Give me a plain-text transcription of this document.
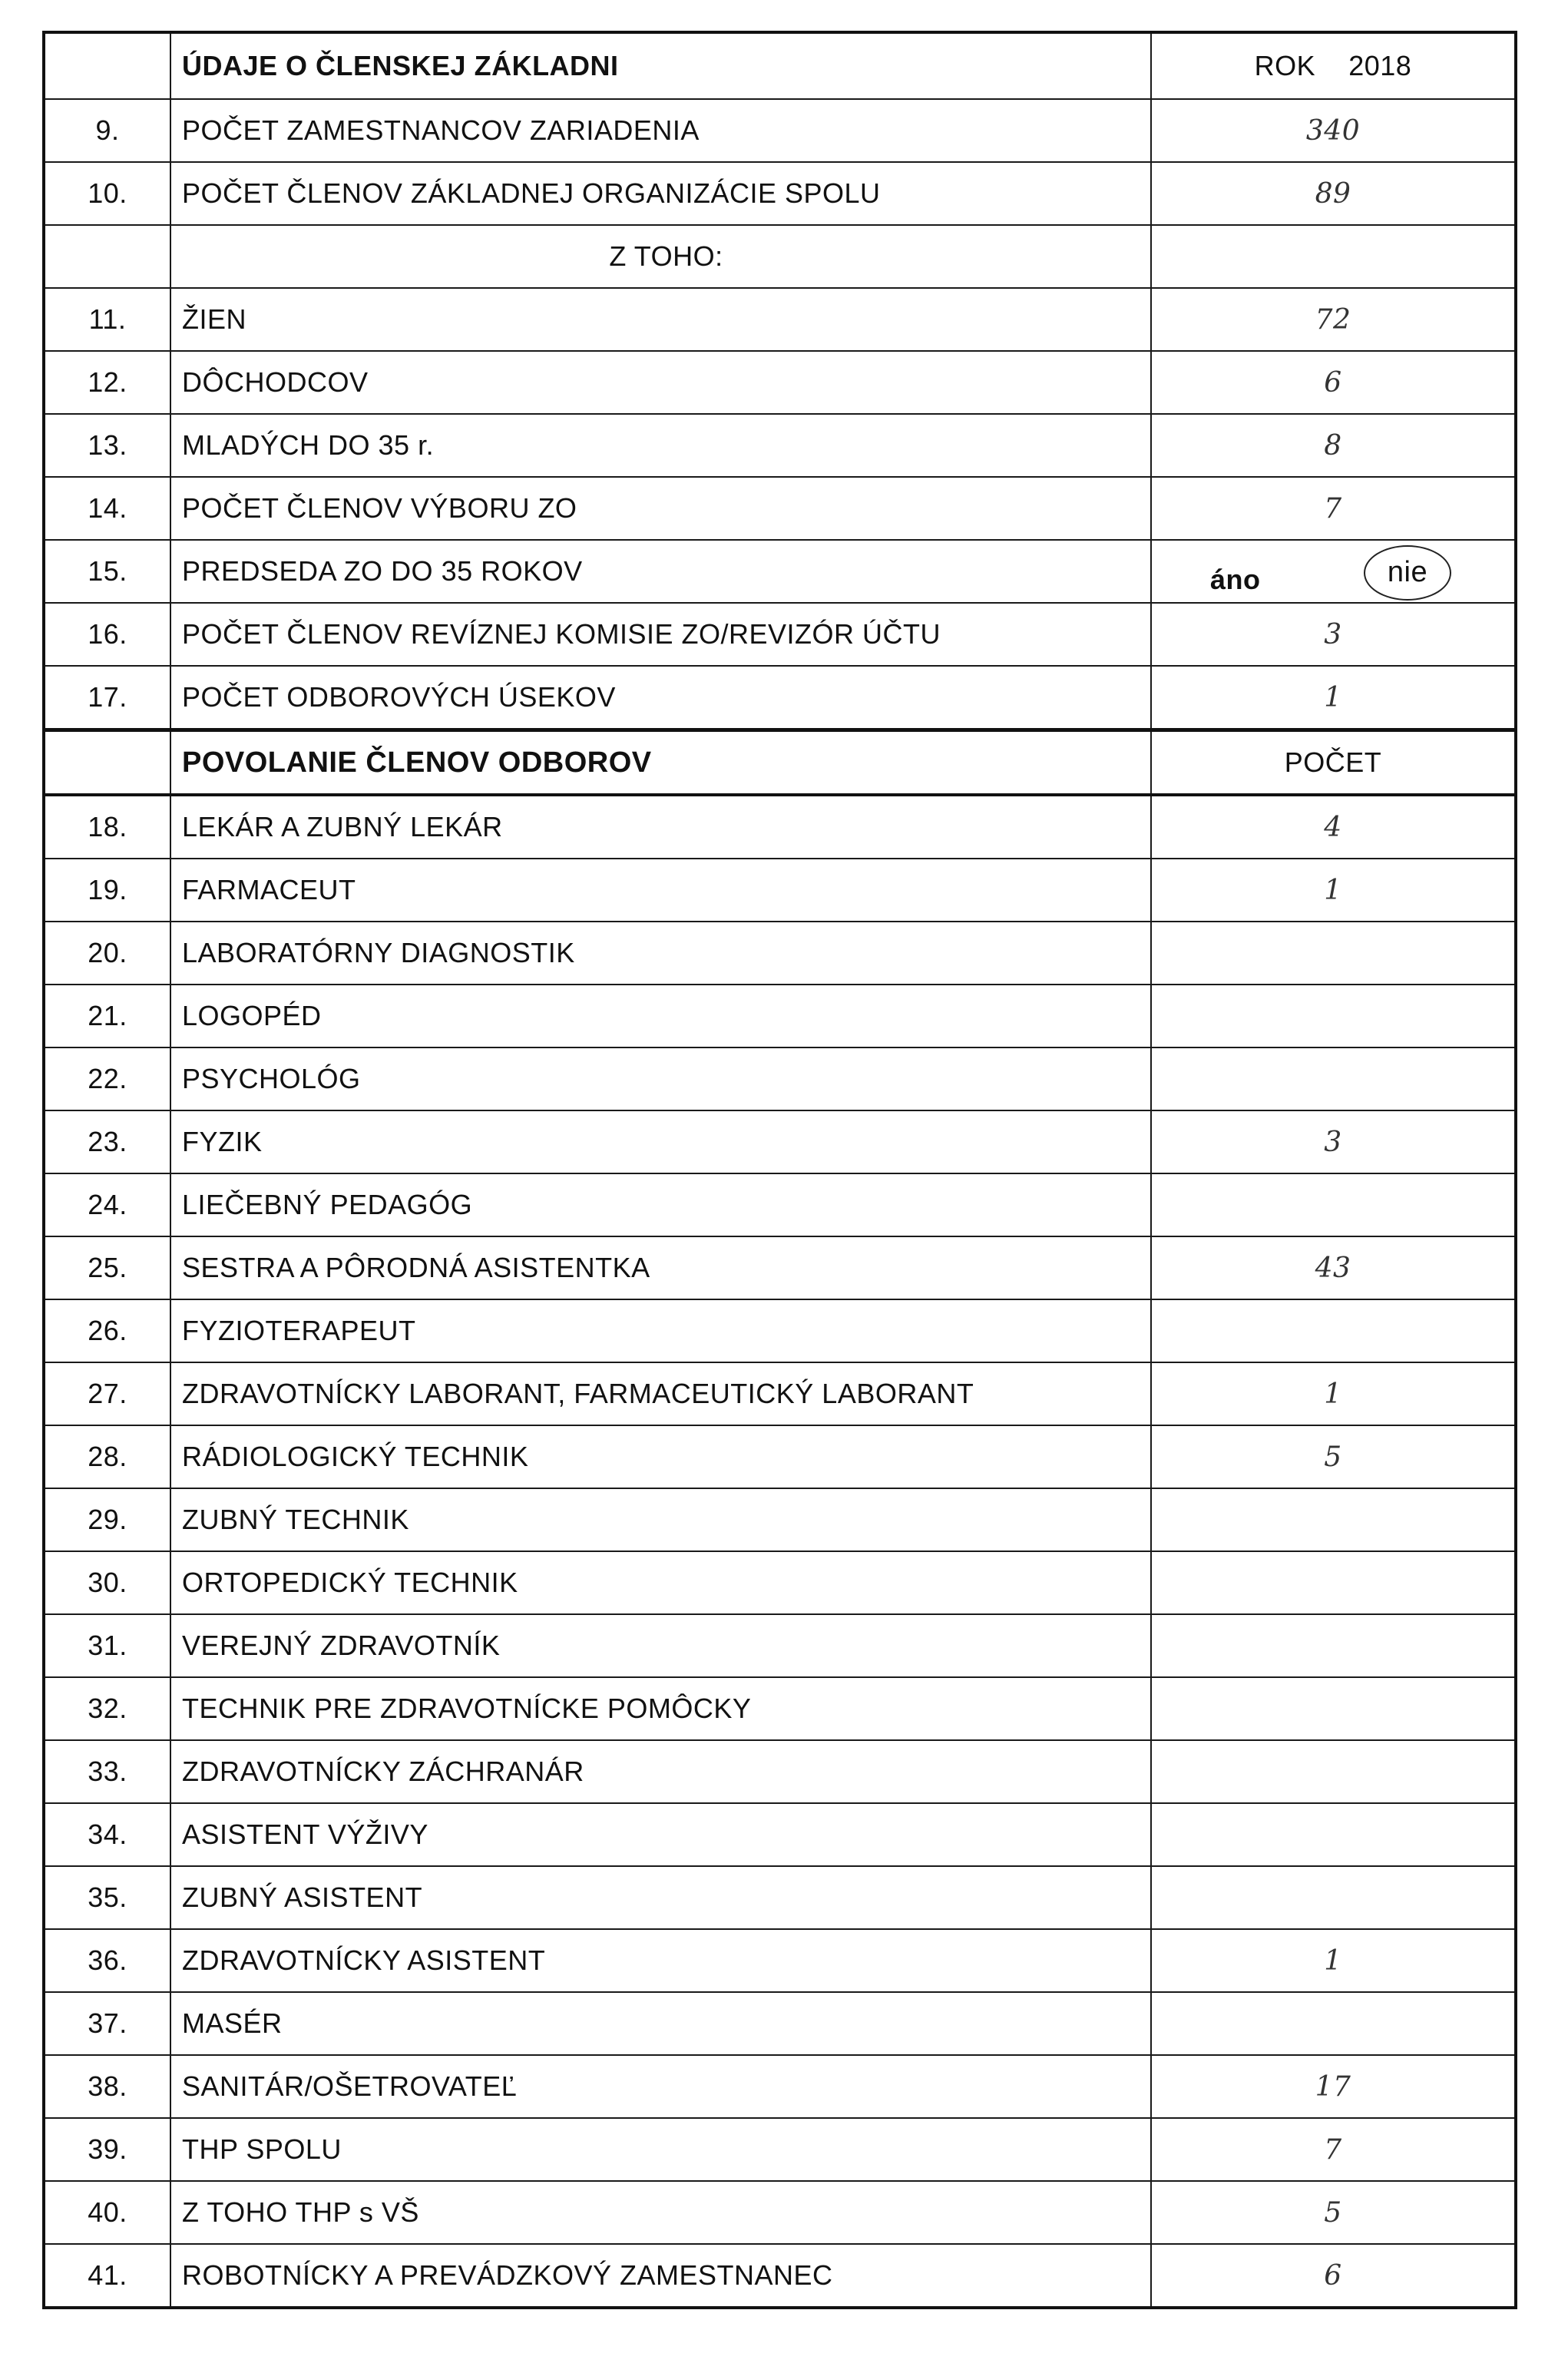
	ÚDAJE O ČLENSKEJ ZÁKLADNI	ROK 2018
9.	POČET ZAMESTNANCOV ZARIADENIA	340
10.	POČET ČLENOV ZÁKLADNEJ ORGANIZÁCIE SPOLU	89
	Z TOHO:	
11.	ŽIEN	72
12.	DÔCHODCOV	6
13.	MLADÝCH DO 35 r.	8
14.	POČET ČLENOV VÝBORU ZO	7
15.	PREDSEDA ZO DO 35 ROKOV	áno nie

16.	POČET ČLENOV REVÍZNEJ KOMISIE ZO/REVIZÓR ÚČTU	3
17.	POČET ODBOROVÝCH ÚSEKOV	1
	POVOLANIE ČLENOV ODBOROV	POČET
18.	LEKÁR A ZUBNÝ LEKÁR	4
19.	FARMACEUT	1
20.	LABORATÓRNY DIAGNOSTIK	
21.	LOGOPÉD	
22.	PSYCHOLÓG	
23.	FYZIK	3
24.	LIEČEBNÝ PEDAGÓG	
25.	SESTRA A PÔRODNÁ ASISTENTKA	43
26.	FYZIOTERAPEUT	
27.	ZDRAVOTNÍCKY LABORANT, FARMACEUTICKÝ LABORANT	1
28.	RÁDIOLOGICKÝ TECHNIK	5
29.	ZUBNÝ TECHNIK	
30.	ORTOPEDICKÝ TECHNIK	
31.	VEREJNÝ ZDRAVOTNÍK	
32.	TECHNIK PRE ZDRAVOTNÍCKE POMÔCKY	
33.	ZDRAVOTNÍCKY ZÁCHRANÁR	
34.	ASISTENT VÝŽIVY	
35.	ZUBNÝ ASISTENT	
36.	ZDRAVOTNÍCKY ASISTENT	1
37.	MASÉR	
38.	SANITÁR/OŠETROVATEĽ	17
39.	THP SPOLU	7
40.	Z TOHO THP s VŠ	5
41.	ROBOTNÍCKY A PREVÁDZKOVÝ ZAMESTNANEC	6
